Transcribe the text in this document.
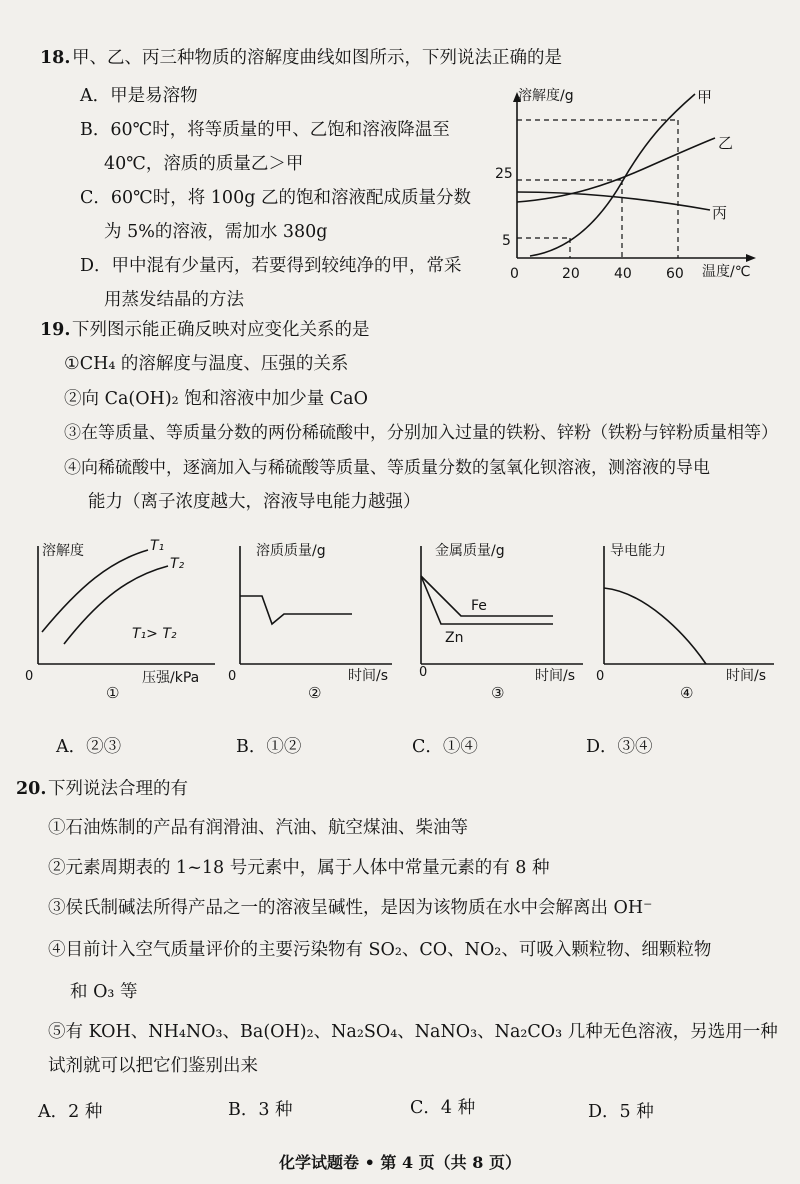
18. 甲、乙、丙三种物质的溶解度曲线如图所示，下列说法正确的是
A．甲是易溶物
B．60℃时，将等质量的甲、乙饱和溶液降温至
40℃，溶质的质量乙＞甲
C．60℃时，将 100g 乙的饱和溶液配成质量分数
为 5%的溶液，需加水 380g
D．甲中混有少量丙，若要得到较纯净的甲，常采
用蒸发结晶的方法
溶解度/g
温度/℃
0	20 40 60
25
5
甲
乙
丙
19. 下列图示能正确反映对应变化关系的是
①CH₄ 的溶解度与温度、压强的关系
②向 Ca(OH)₂ 饱和溶液中加少量 CaO
③在等质量、等质量分数的两份稀硫酸中，分别加入过量的铁粉、锌粉（铁粉与锌粉质量相等）
④向稀硫酸中，逐滴加入与稀硫酸等质量、等质量分数的氢氧化钡溶液，测溶液的导电
能力（离子浓度越大，溶液导电能力越强）
溶解度
压强/kPa
0
T₁
T₂
T₁> T₂
①
溶质质量/g
时间/s
0
②
金属质量/g
时间/s
0
Fe
Zn
③
导电能力
时间/s
0
④
A．②③	B．①②	C．①④	D．③④
20. 下列说法合理的有
①石油炼制的产品有润滑油、汽油、航空煤油、柴油等
②元素周期表的 1~18 号元素中，属于人体中常量元素的有 8 种
③侯氏制碱法所得产品之一的溶液呈碱性，是因为该物质在水中会解离出 OH⁻
④目前计入空气质量评价的主要污染物有 SO₂、CO、NO₂、可吸入颗粒物、细颗粒物
和 O₃ 等
⑤有 KOH、NH₄NO₃、Ba(OH)₂、Na₂SO₄、NaNO₃、Na₂CO₃ 几种无色溶液，另选用一种
试剂就可以把它们鉴别出来
A．2 种	B．3 种	C．4 种	D．5 种
化学试题卷 • 第 4 页（共 8 页）
